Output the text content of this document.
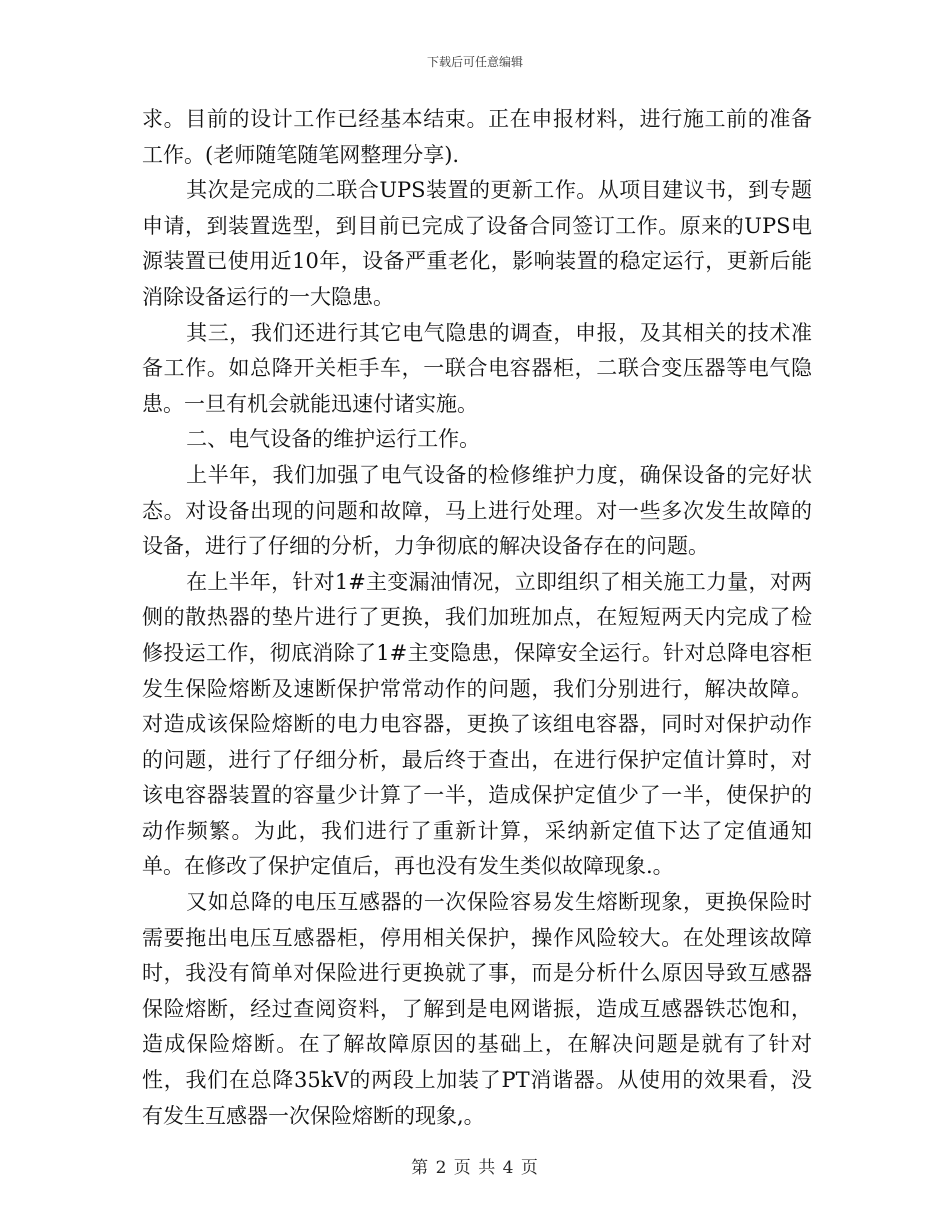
下载后可任意编辑

求。目前的设计工作已经基本结束。正在申报材料，进行施工前的准备工作。(老师随笔随笔网整理分享).

其次是完成的二联合UPS装置的更新工作。从项目建议书，到专题申请，到装置选型，到目前已完成了设备合同签订工作。原来的UPS电源装置已使用近10年，设备严重老化，影响装置的稳定运行，更新后能消除设备运行的一大隐患。

其三，我们还进行其它电气隐患的调查，申报，及其相关的技术准备工作。如总降开关柜手车，一联合电容器柜，二联合变压器等电气隐患。一旦有机会就能迅速付诸实施。

二、电气设备的维护运行工作。

上半年，我们加强了电气设备的检修维护力度，确保设备的完好状态。对设备出现的问题和故障，马上进行处理。对一些多次发生故障的设备，进行了仔细的分析，力争彻底的解决设备存在的问题。

在上半年，针对1#主变漏油情况，立即组织了相关施工力量，对两侧的散热器的垫片进行了更换，我们加班加点，在短短两天内完成了检修投运工作，彻底消除了1#主变隐患，保障安全运行。针对总降电容柜发生保险熔断及速断保护常常动作的问题，我们分别进行，解决故障。对造成该保险熔断的电力电容器，更换了该组电容器，同时对保护动作的问题，进行了仔细分析，最后终于查出，在进行保护定值计算时，对该电容器装置的容量少计算了一半，造成保护定值少了一半，使保护的动作频繁。为此，我们进行了重新计算，采纳新定值下达了定值通知单。在修改了保护定值后，再也没有发生类似故障现象.。

又如总降的电压互感器的一次保险容易发生熔断现象，更换保险时需要拖出电压互感器柜，停用相关保护，操作风险较大。在处理该故障时，我没有简单对保险进行更换就了事，而是分析什么原因导致互感器保险熔断，经过查阅资料，了解到是电网谐振，造成互感器铁芯饱和，造成保险熔断。在了解故障原因的基础上，在解决问题是就有了针对性，我们在总降35kV的两段上加装了PT消谐器。从使用的效果看，没有发生互感器一次保险熔断的现象,。

第 2 页 共 4 页
